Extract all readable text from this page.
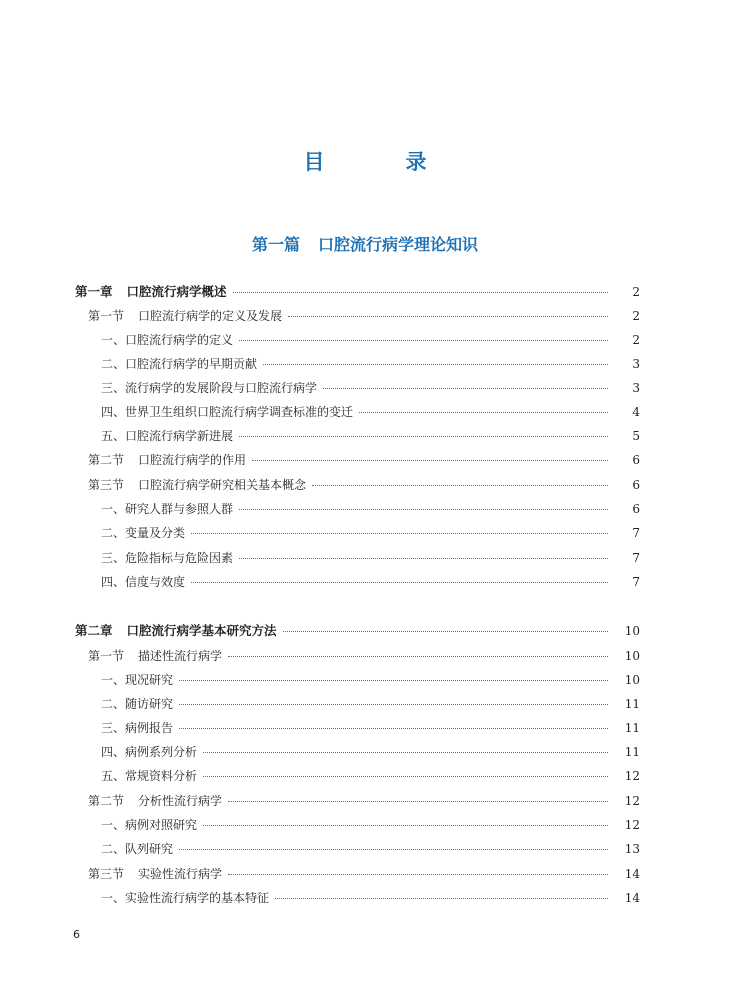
目　录
第一篇 口腔流行病学理论知识
第一章 口腔流行病学概述	2
第一节 口腔流行病学的定义及发展	2
一、口腔流行病学的定义	2
二、口腔流行病学的早期贡献	3
三、流行病学的发展阶段与口腔流行病学	3
四、世界卫生组织口腔流行病学调查标准的变迁	4
五、口腔流行病学新进展	5
第二节 口腔流行病学的作用	6
第三节 口腔流行病学研究相关基本概念	6
一、研究人群与参照人群	6
二、变量及分类	7
三、危险指标与危险因素	7
四、信度与效度	7
第二章 口腔流行病学基本研究方法	10
第一节 描述性流行病学	10
一、现况研究	10
二、随访研究	11
三、病例报告	11
四、病例系列分析	11
五、常规资料分析	12
第二节 分析性流行病学	12
一、病例对照研究	12
二、队列研究	13
第三节 实验性流行病学	14
一、实验性流行病学的基本特征	14
6
